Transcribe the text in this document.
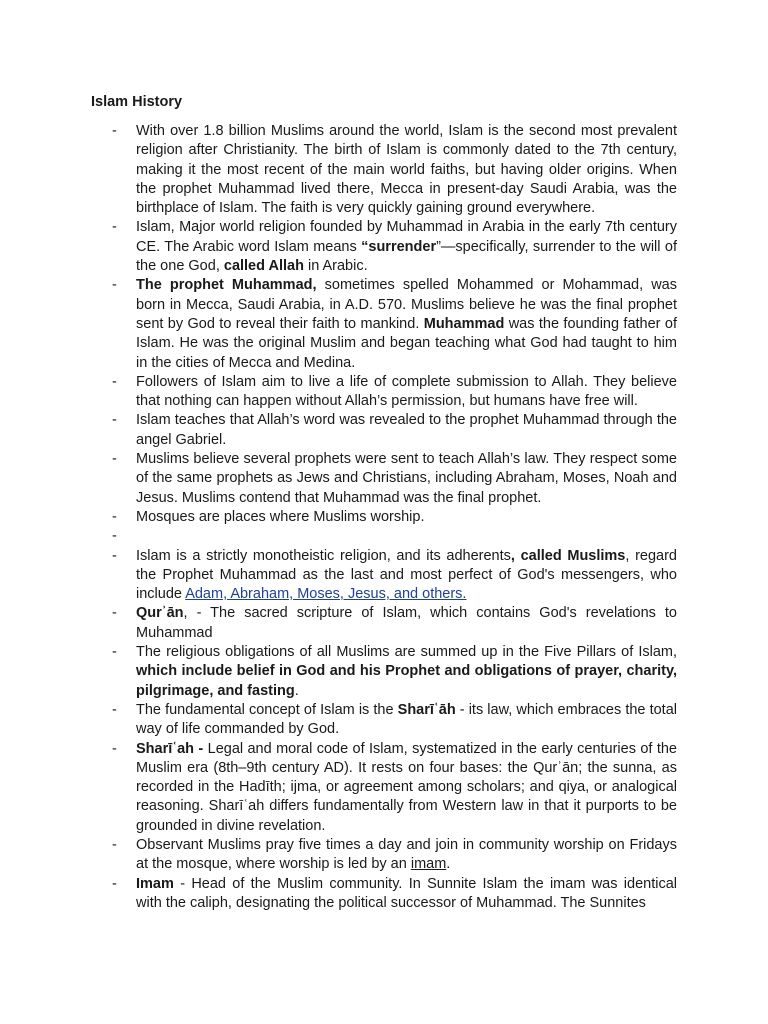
Islam History
- With over 1.8 billion Muslims around the world, Islam is the second most prevalent religion after Christianity. The birth of Islam is commonly dated to the 7th century, making it the most recent of the main world faiths, but having older origins. When the prophet Muhammad lived there, Mecca in present-day Saudi Arabia, was the birthplace of Islam. The faith is very quickly gaining ground everywhere.
- Islam, Major world religion founded by Muhammad in Arabia in the early 7th century CE. The Arabic word Islam means “surrender”—specifically, surrender to the will of the one God, called Allah in Arabic.
- The prophet Muhammad, sometimes spelled Mohammed or Mohammad, was born in Mecca, Saudi Arabia, in A.D. 570. Muslims believe he was the final prophet sent by God to reveal their faith to mankind. Muhammad was the founding father of Islam. He was the original Muslim and began teaching what God had taught to him in the cities of Mecca and Medina.
- Followers of Islam aim to live a life of complete submission to Allah. They believe that nothing can happen without Allah’s permission, but humans have free will.
- Islam teaches that Allah’s word was revealed to the prophet Muhammad through the angel Gabriel.
- Muslims believe several prophets were sent to teach Allah’s law. They respect some of the same prophets as Jews and Christians, including Abraham, Moses, Noah and Jesus. Muslims contend that Muhammad was the final prophet.
- Mosques are places where Muslims worship.
-
- Islam is a strictly monotheistic religion, and its adherents, called Muslims, regard the Prophet Muhammad as the last and most perfect of God's messengers, who include Adam, Abraham, Moses, Jesus, and others.
- Qurʾān, - The sacred scripture of Islam, which contains God's revelations to Muhammad
- The religious obligations of all Muslims are summed up in the Five Pillars of Islam, which include belief in God and his Prophet and obligations of prayer, charity, pilgrimage, and fasting.
- The fundamental concept of Islam is the Sharīʿāh - its law, which embraces the total way of life commanded by God.
- Sharīʿah - Legal and moral code of Islam, systematized in the early centuries of the Muslim era (8th–9th century AD). It rests on four bases: the Qurʾān; the sunna, as recorded in the Hadīth; ijma, or agreement among scholars; and qiya, or analogical reasoning. Sharīʿah differs fundamentally from Western law in that it purports to be grounded in divine revelation.
- Observant Muslims pray five times a day and join in community worship on Fridays at the mosque, where worship is led by an imam.
- Imam - Head of the Muslim community. In Sunnite Islam the imam was identical with the caliph, designating the political successor of Muhammad. The Sunnites
